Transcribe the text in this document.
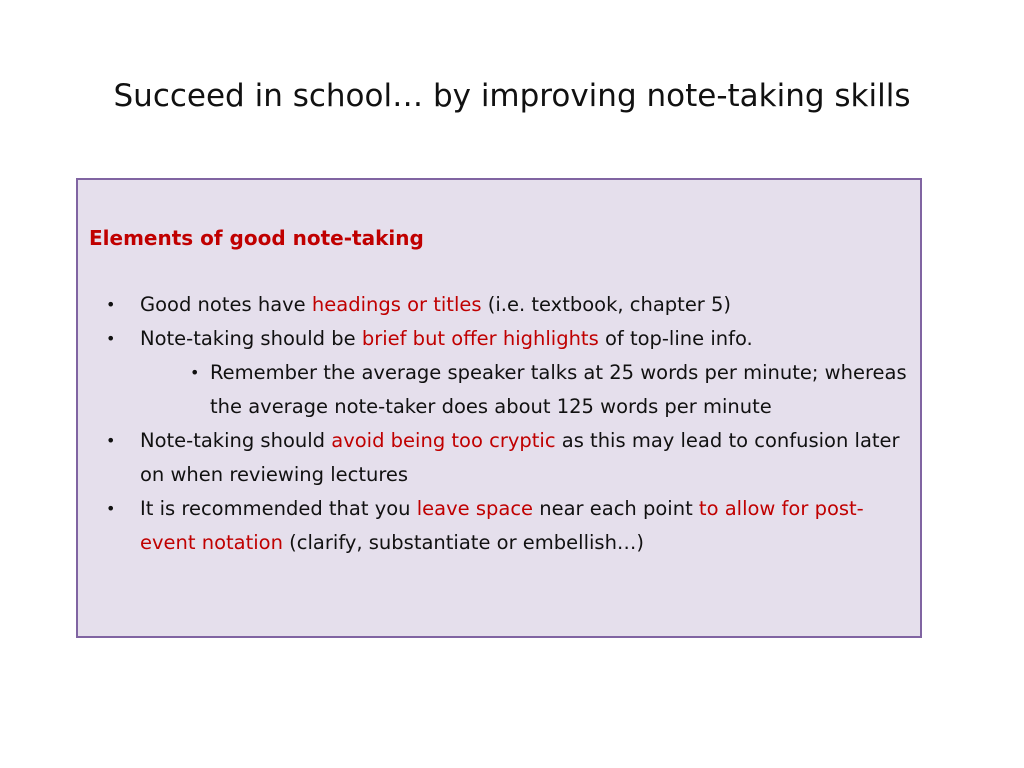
Succeed in school… by improving note-taking skills
Elements of good note-taking
• Good notes have headings or titles (i.e. textbook, chapter 5)
• Note-taking should be brief but offer highlights of top-line info.
• Remember the average speaker talks at 25 words per minute; whereas the average note-taker does about 125 words per minute
• Note-taking should avoid being too cryptic as this may lead to confusion later on when reviewing lectures
• It is recommended that you leave space near each point to allow for post-event notation (clarify, substantiate or embellish…)
